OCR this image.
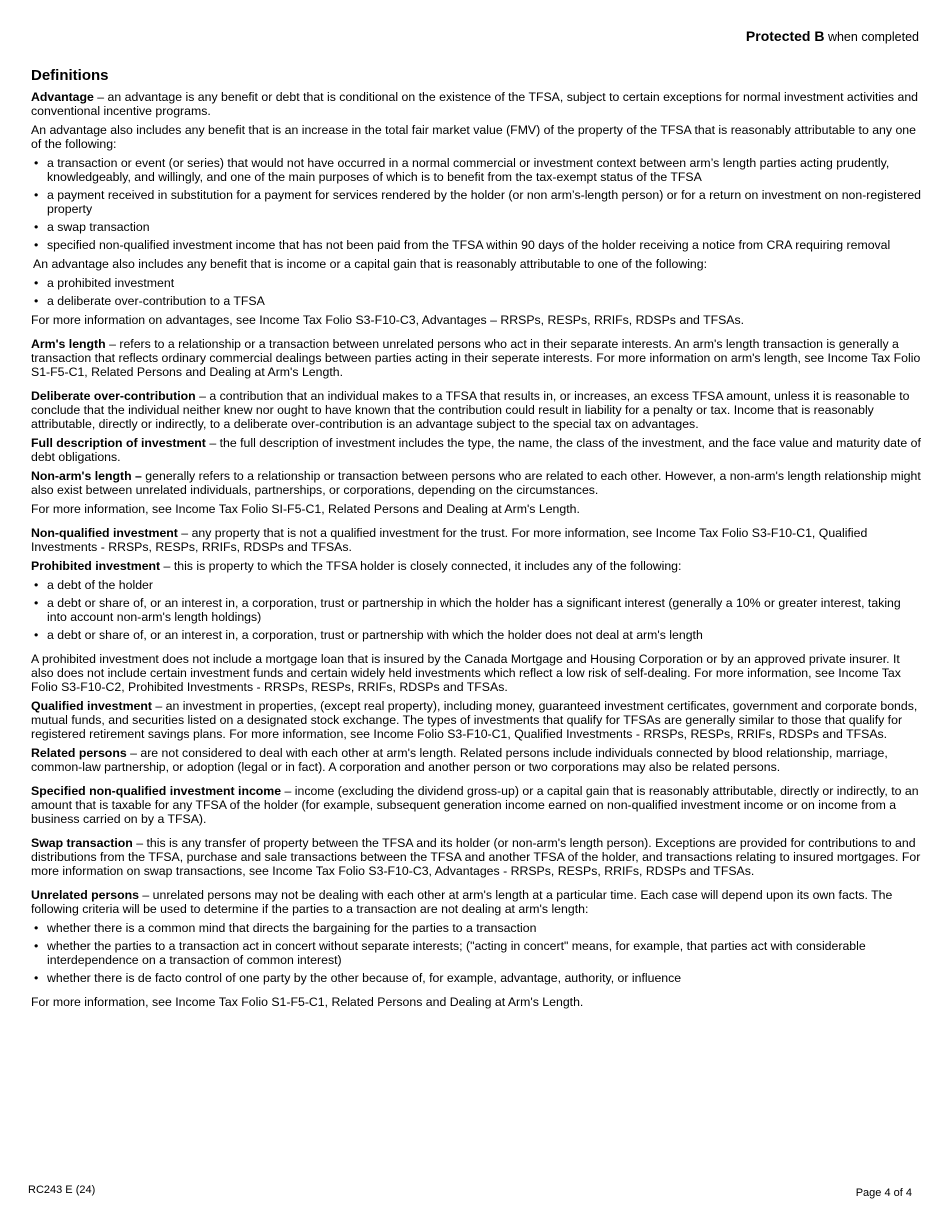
Protected B when completed
Definitions

Advantage – an advantage is any benefit or debt that is conditional on the existence of the TFSA, subject to certain exceptions for normal investment activities and conventional incentive programs.

An advantage also includes any benefit that is an increase in the total fair market value (FMV) of the property of the TFSA that is reasonably attributable to any one of the following:

• a transaction or event (or series) that would not have occurred in a normal commercial or investment context between arm’s length parties acting prudently, knowledgeably, and willingly, and one of the main purposes of which is to benefit from the tax-exempt status of the TFSA
• a payment received in substitution for a payment for services rendered by the holder (or non arm’s-length person) or for a return on investment on non-registered property
• a swap transaction
• specified non-qualified investment income that has not been paid from the TFSA within 90 days of the holder receiving a notice from CRA requiring removal

An advantage also includes any benefit that is income or a capital gain that is reasonably attributable to one of the following:

• a prohibited investment
• a deliberate over-contribution to a TFSA

For more information on advantages, see Income Tax Folio S3-F10-C3, Advantages – RRSPs, RESPs, RRIFs, RDSPs and TFSAs.

Arm's length – refers to a relationship or a transaction between unrelated persons who act in their separate interests. An arm's length transaction is generally a transaction that reflects ordinary commercial dealings between parties acting in their seperate interests. For more information on arm's length, see Income Tax Folio S1-F5-C1, Related Persons and Dealing at Arm's Length.

Deliberate over-contribution – a contribution that an individual makes to a TFSA that results in, or increases, an excess TFSA amount, unless it is reasonable to conclude that the individual neither knew nor ought to have known that the contribution could result in liability for a penalty or tax. Income that is reasonably attributable, directly or indirectly, to a deliberate over-contribution is an advantage subject to the special tax on advantages.

Full description of investment – the full description of investment includes the type, the name, the class of the investment, and the face value and maturity date of debt obligations.

Non-arm's length – generally refers to a relationship or transaction between persons who are related to each other. However, a non-arm's length relationship might also exist between unrelated individuals, partnerships, or corporations, depending on the circumstances.

For more information, see Income Tax Folio SI-F5-C1, Related Persons and Dealing at Arm's Length.

Non-qualified investment – any property that is not a qualified investment for the trust. For more information, see Income Tax Folio S3-F10-C1, Qualified Investments - RRSPs, RESPs, RRIFs, RDSPs and TFSAs.

Prohibited investment – this is property to which the TFSA holder is closely connected, it includes any of the following:

• a debt of the holder
• a debt or share of, or an interest in, a corporation, trust or partnership in which the holder has a significant interest (generally a 10% or greater interest, taking into account non-arm's length holdings)
• a debt or share of, or an interest in, a corporation, trust or partnership with which the holder does not deal at arm's length

A prohibited investment does not include a mortgage loan that is insured by the Canada Mortgage and Housing Corporation or by an approved private insurer. It also does not include certain investment funds and certain widely held investments which reflect a low risk of self-dealing. For more information, see Income Tax Folio S3-F10-C2, Prohibited Investments - RRSPs, RESPs, RRIFs, RDSPs and TFSAs.

Qualified investment – an investment in properties, (except real property), including money, guaranteed investment certificates, government and corporate bonds, mutual funds, and securities listed on a designated stock exchange. The types of investments that qualify for TFSAs are generally similar to those that qualify for registered retirement savings plans. For more information, see Income Folio S3-F10-C1, Qualified Investments - RRSPs, RESPs, RRIFs, RDSPs and TFSAs.

Related persons – are not considered to deal with each other at arm's length. Related persons include individuals connected by blood relationship, marriage, common-law partnership, or adoption (legal or in fact). A corporation and another person or two corporations may also be related persons.

Specified non-qualified investment income – income (excluding the dividend gross-up) or a capital gain that is reasonably attributable, directly or indirectly, to an amount that is taxable for any TFSA of the holder (for example, subsequent generation income earned on non-qualified investment income or on income from a business carried on by a TFSA).

Swap transaction – this is any transfer of property between the TFSA and its holder (or non-arm's length person). Exceptions are provided for contributions to and distributions from the TFSA, purchase and sale transactions between the TFSA and another TFSA of the holder, and transactions relating to insured mortgages. For more information on swap transactions, see Income Tax Folio S3-F10-C3, Advantages - RRSPs, RESPs, RRIFs, RDSPs and TFSAs.

Unrelated persons – unrelated persons may not be dealing with each other at arm's length at a particular time. Each case will depend upon its own facts. The following criteria will be used to determine if the parties to a transaction are not dealing at arm's length:

• whether there is a common mind that directs the bargaining for the parties to a transaction
• whether the parties to a transaction act in concert without separate interests; ("acting in concert" means, for example, that parties act with considerable interdependence on a transaction of common interest)
• whether there is de facto control of one party by the other because of, for example, advantage, authority, or influence

For more information, see Income Tax Folio S1-F5-C1, Related Persons and Dealing at Arm's Length.

RC243 E (24)	Page 4 of 4
